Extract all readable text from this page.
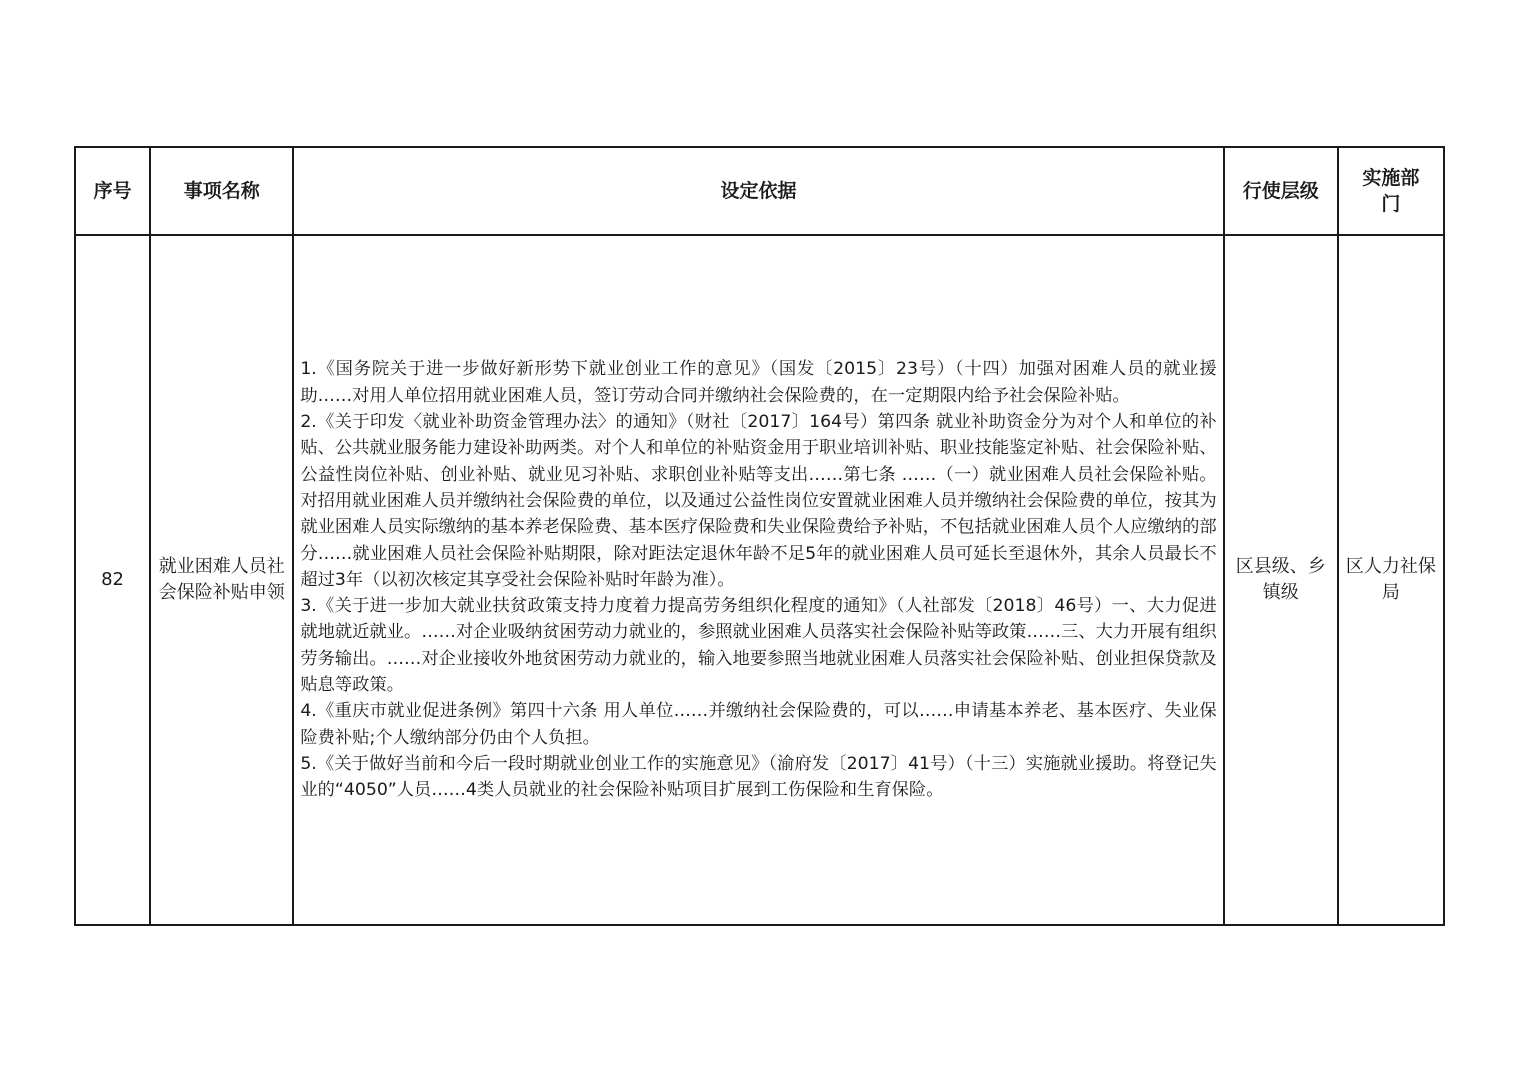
序号	事项名称	设定依据	行使层级	实施部门
82	就业困难人员社会保险补贴申领	1.《国务院关于进一步做好新形势下就业创业工作的意见》（国发〔2015〕23号）（十四）加强对困难人员的就业援助……对用人单位招用就业困难人员，签订劳动合同并缴纳社会保险费的，在一定期限内给予社会保险补贴。
2.《关于印发〈就业补助资金管理办法〉的通知》（财社〔2017〕164号）第四条 就业补助资金分为对个人和单位的补贴、公共就业服务能力建设补助两类。对个人和单位的补贴资金用于职业培训补贴、职业技能鉴定补贴、社会保险补贴、公益性岗位补贴、创业补贴、就业见习补贴、求职创业补贴等支出……第七条 ……（一）就业困难人员社会保险补贴。对招用就业困难人员并缴纳社会保险费的单位，以及通过公益性岗位安置就业困难人员并缴纳社会保险费的单位，按其为就业困难人员实际缴纳的基本养老保险费、基本医疗保险费和失业保险费给予补贴，不包括就业困难人员个人应缴纳的部分……就业困难人员社会保险补贴期限，除对距法定退休年龄不足5年的就业困难人员可延长至退休外，其余人员最长不超过3年（以初次核定其享受社会保险补贴时年龄为准）。
3.《关于进一步加大就业扶贫政策支持力度着力提高劳务组织化程度的通知》（人社部发〔2018〕46号）一、大力促进就地就近就业。……对企业吸纳贫困劳动力就业的，参照就业困难人员落实社会保险补贴等政策……三、大力开展有组织劳务输出。……对企业接收外地贫困劳动力就业的，输入地要参照当地就业困难人员落实社会保险补贴、创业担保贷款及贴息等政策。
4.《重庆市就业促进条例》第四十六条 用人单位……并缴纳社会保险费的，可以……申请基本养老、基本医疗、失业保险费补贴;个人缴纳部分仍由个人负担。
5.《关于做好当前和今后一段时期就业创业工作的实施意见》（渝府发〔2017〕41号）（十三）实施就业援助。将登记失业的“4050”人员……4类人员就业的社会保险补贴项目扩展到工伤保险和生育保险。	区县级、乡镇级	区人力社保局
